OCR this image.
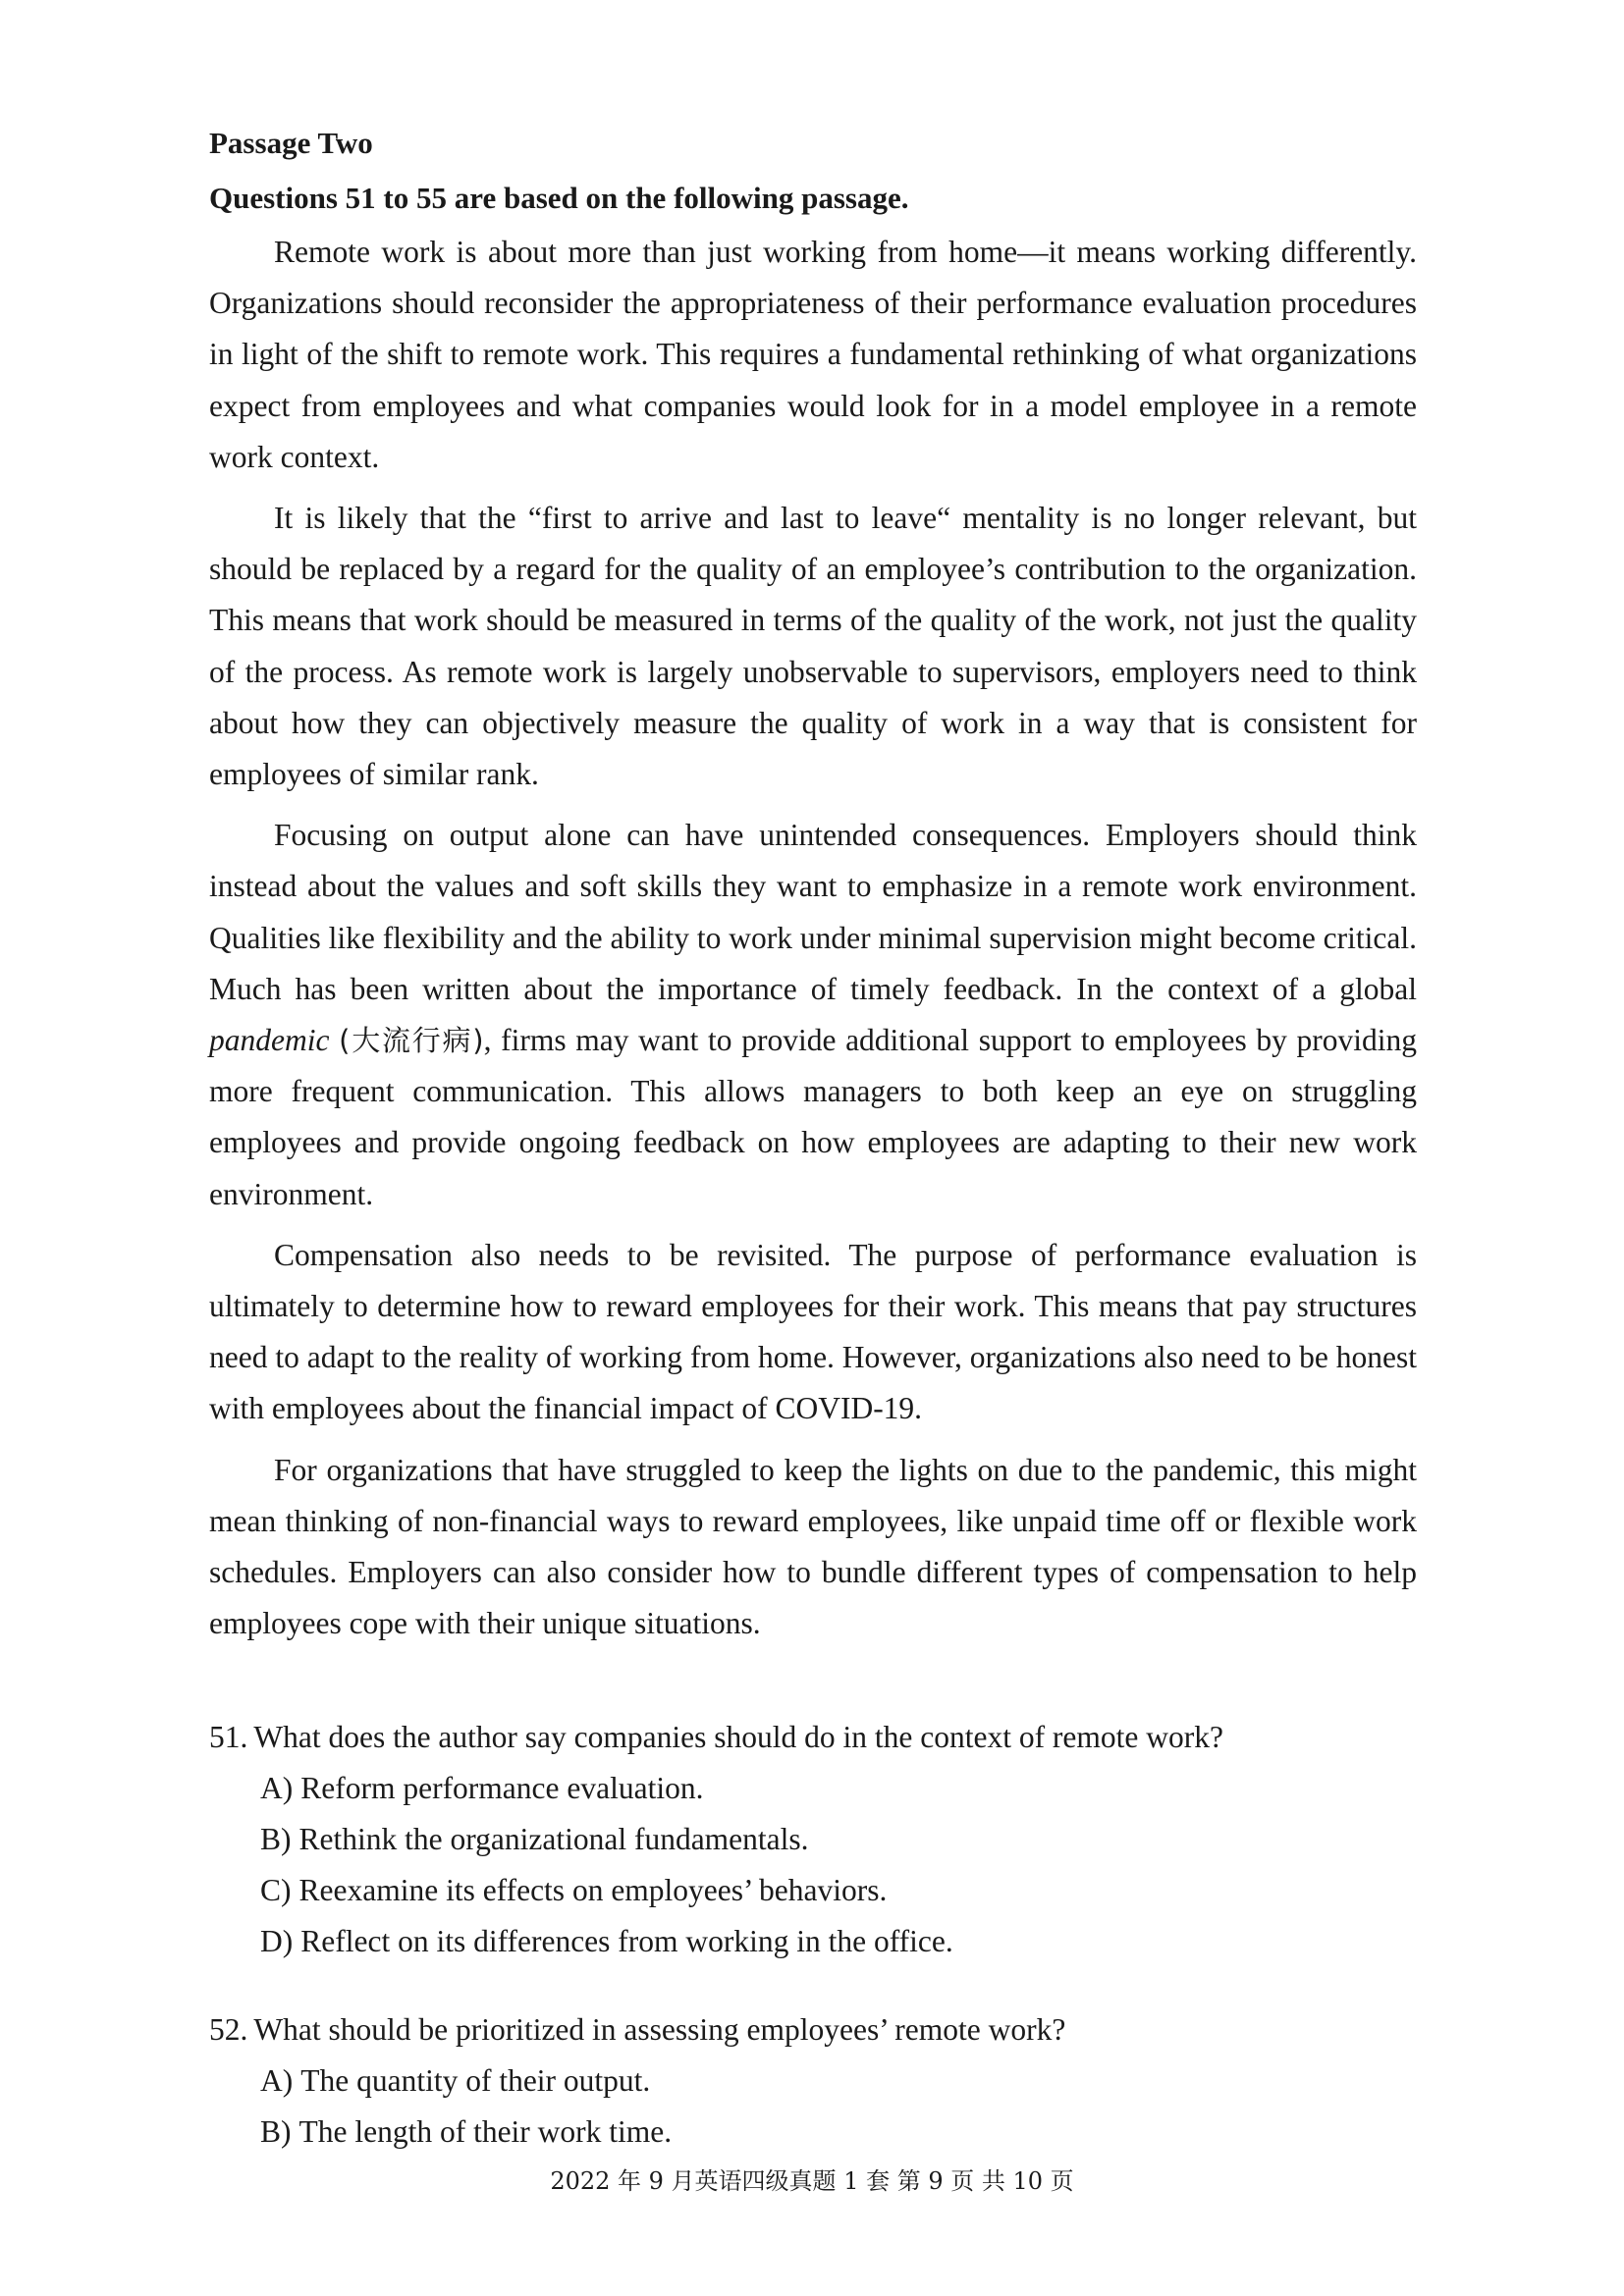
Passage Two

Questions 51 to 55 are based on the following passage.

Remote work is about more than just working from home—it means working differently. Organizations should reconsider the appropriateness of their performance evaluation procedures in light of the shift to remote work. This requires a fundamental rethinking of what organizations expect from employees and what companies would look for in a model employee in a remote work context.

It is likely that the “first to arrive and last to leave“ mentality is no longer relevant, but should be replaced by a regard for the quality of an employee’s contribution to the organization. This means that work should be measured in terms of the quality of the work, not just the quality of the process. As remote work is largely unobservable to supervisors, employers need to think about how they can objectively measure the quality of work in a way that is consistent for employees of similar rank.

Focusing on output alone can have unintended consequences. Employers should think instead about the values and soft skills they want to emphasize in a remote work environment. Qualities like flexibility and the ability to work under minimal supervision might become critical. Much has been written about the importance of timely feedback. In the context of a global pandemic (大流行病), firms may want to provide additional support to employees by providing more frequent communication. This allows managers to both keep an eye on struggling employees and provide ongoing feedback on how employees are adapting to their new work environment.

Compensation also needs to be revisited. The purpose of performance evaluation is ultimately to determine how to reward employees for their work. This means that pay structures need to adapt to the reality of working from home. However, organizations also need to be honest with employees about the financial impact of COVID-19.

For organizations that have struggled to keep the lights on due to the pandemic, this might mean thinking of non-financial ways to reward employees, like unpaid time off or flexible work schedules. Employers can also consider how to bundle different types of compensation to help employees cope with their unique situations.

51. What does the author say companies should do in the context of remote work?

A) Reform performance evaluation.

B) Rethink the organizational fundamentals.

C) Reexamine its effects on employees’ behaviors.

D) Reflect on its differences from working in the office.

52. What should be prioritized in assessing employees’ remote work?

A) The quantity of their output.

B) The length of their work time.

2022 年 9 月英语四级真题 1 套 第 9 页 共 10 页
